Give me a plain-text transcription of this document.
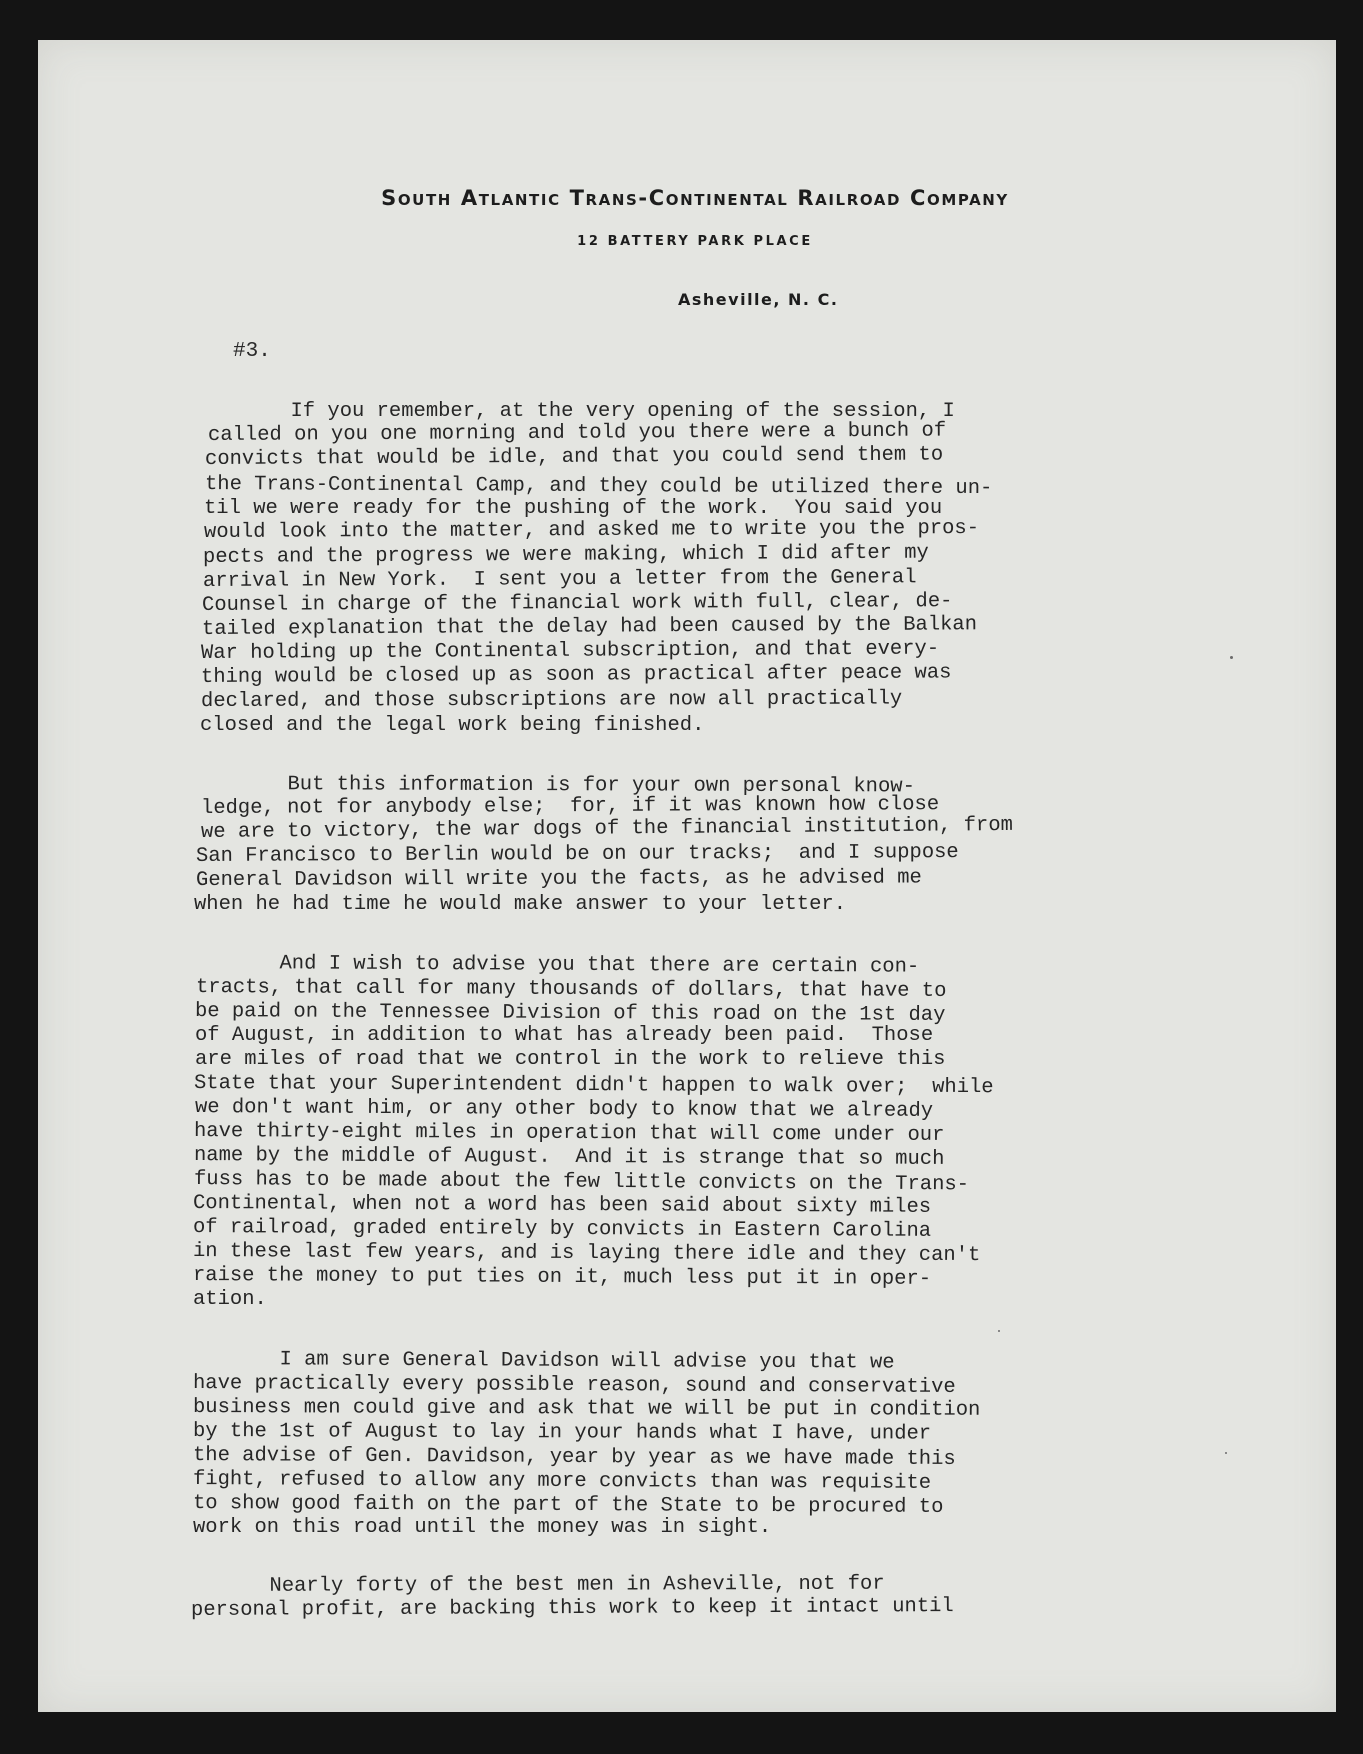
South Atlantic Trans-Continental Railroad Company
12 BATTERY PARK PLACE
Asheville, N. C.
#3.
If you remember, at the very opening of the session, I
called on you one morning and told you there were a bunch of
convicts that would be idle, and that you could send them to
the Trans-Continental Camp, and they could be utilized there un-
til we were ready for the pushing of the work.  You said you
would look into the matter, and asked me to write you the pros-
pects and the progress we were making, which I did after my
arrival in New York.  I sent you a letter from the General
Counsel in charge of the financial work with full, clear, de-
tailed explanation that the delay had been caused by the Balkan
War holding up the Continental subscription, and that every-
thing would be closed up as soon as practical after peace was
declared, and those subscriptions are now all practically
closed and the legal work being finished.
But this information is for your own personal know-
ledge, not for anybody else;  for, if it was known how close
we are to victory, the war dogs of the financial institution, from
San Francisco to Berlin would be on our tracks;  and I suppose
General Davidson will write you the facts, as he advised me
when he had time he would make answer to your letter.
And I wish to advise you that there are certain con-
tracts, that call for many thousands of dollars, that have to
be paid on the Tennessee Division of this road on the 1st day
of August, in addition to what has already been paid.  Those
are miles of road that we control in the work to relieve this
State that your Superintendent didn't happen to walk over;  while
we don't want him, or any other body to know that we already
have thirty-eight miles in operation that will come under our
name by the middle of August.  And it is strange that so much
fuss has to be made about the few little convicts on the Trans-
Continental, when not a word has been said about sixty miles
of railroad, graded entirely by convicts in Eastern Carolina
in these last few years, and is laying there idle and they can't
raise the money to put ties on it, much less put it in oper-
ation.
I am sure General Davidson will advise you that we
have practically every possible reason, sound and conservative
business men could give and ask that we will be put in condition
by the 1st of August to lay in your hands what I have, under
the advise of Gen. Davidson, year by year as we have made this
fight, refused to allow any more convicts than was requisite
to show good faith on the part of the State to be procured to
work on this road until the money was in sight.
Nearly forty of the best men in Asheville, not for
personal profit, are backing this work to keep it intact until
